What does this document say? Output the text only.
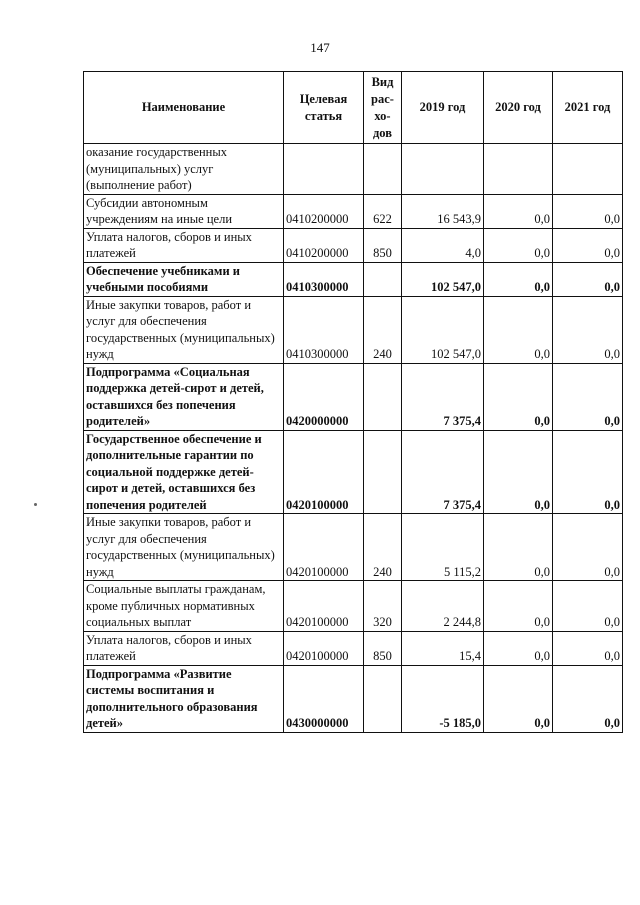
147
Наименование	Целевая статья	Вид рас-хо-дов	2019 год	2020 год	2021 год
оказание государственных (муниципальных) услуг (выполнение работ)					
Субсидии автономным учреждениям на иные цели	0410200000	622	16 543,9	0,0	0,0
Уплата налогов, сборов и иных платежей	0410200000	850	4,0	0,0	0,0
Обеспечение учебниками и учебными пособиями	0410300000		102 547,0	0,0	0,0
Иные закупки товаров, работ и услуг для обеспечения государственных (муниципальных) нужд	0410300000	240	102 547,0	0,0	0,0
Подпрограмма «Социальная поддержка детей-сирот и детей, оставшихся без попечения родителей»	0420000000		7 375,4	0,0	0,0
Государственное обеспечение и дополнительные гарантии по социальной поддержке детей-сирот и детей, оставшихся без попечения родителей	0420100000		7 375,4	0,0	0,0
Иные закупки товаров, работ и услуг для обеспечения государственных (муниципальных) нужд	0420100000	240	5 115,2	0,0	0,0
Социальные выплаты гражданам, кроме публичных нормативных социальных выплат	0420100000	320	2 244,8	0,0	0,0
Уплата налогов, сборов и иных платежей	0420100000	850	15,4	0,0	0,0
Подпрограмма «Развитие системы воспитания и дополнительного образования детей»	0430000000		-5 185,0	0,0	0,0
